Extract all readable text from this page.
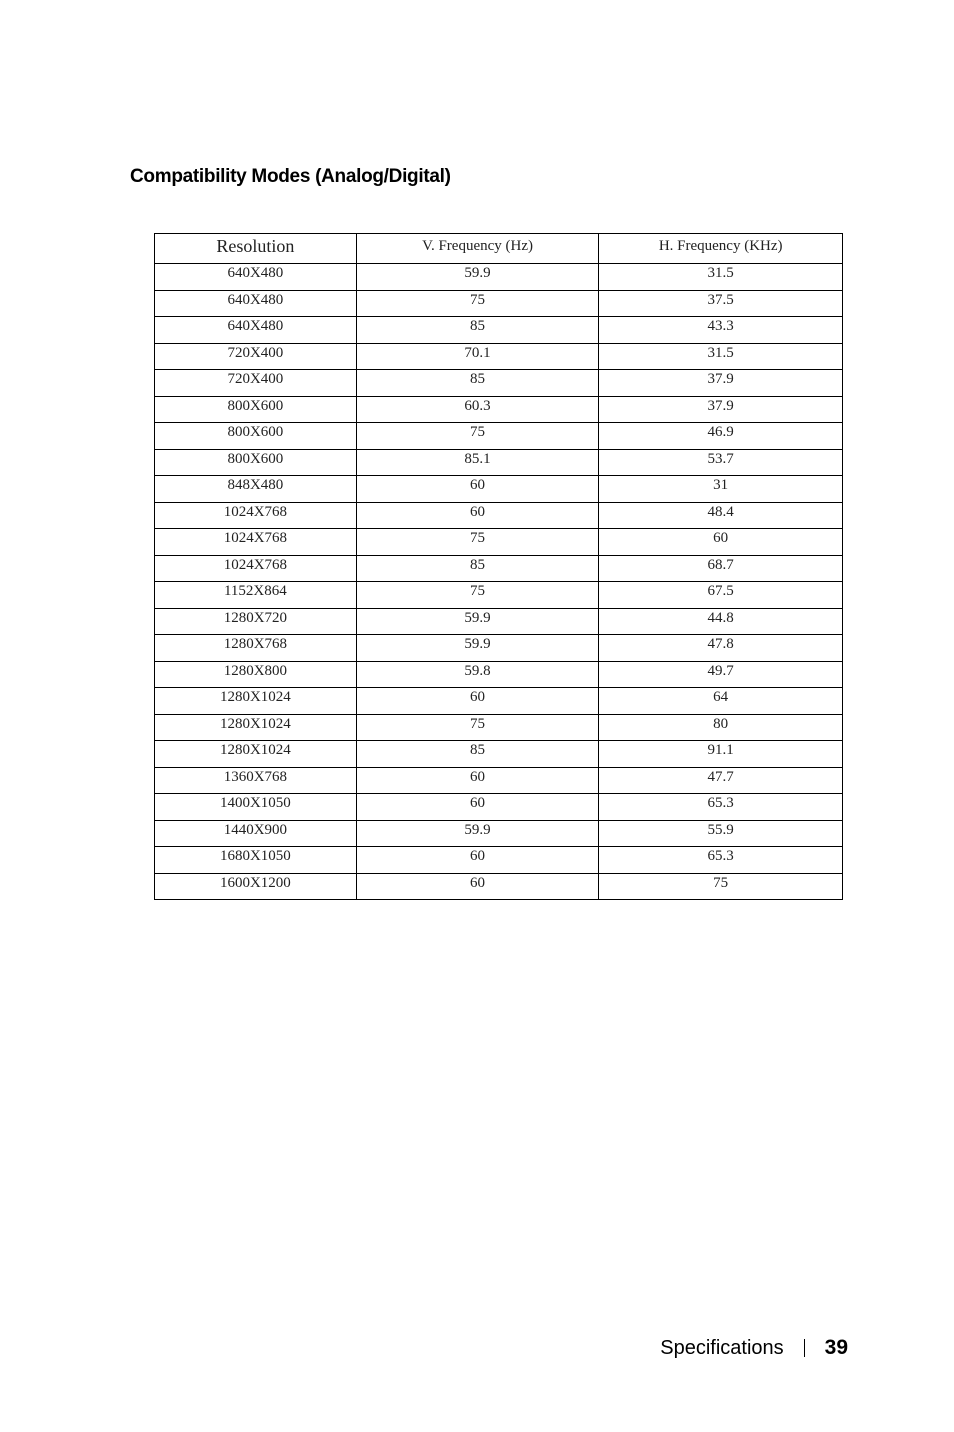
Compatibility Modes (Analog/Digital)
Resolution	V. Frequency (Hz)	H. Frequency (KHz)
640X480	59.9	31.5
640X480	75	37.5
640X480	85	43.3
720X400	70.1	31.5
720X400	85	37.9
800X600	60.3	37.9
800X600	75	46.9
800X600	85.1	53.7
848X480	60	31
1024X768	60	48.4
1024X768	75	60
1024X768	85	68.7
1152X864	75	67.5
1280X720	59.9	44.8
1280X768	59.9	47.8
1280X800	59.8	49.7
1280X1024	60	64
1280X1024	75	80
1280X1024	85	91.1
1360X768	60	47.7
1400X1050	60	65.3
1440X900	59.9	55.9
1680X1050	60	65.3
1600X1200	60	75
Specifications 39
